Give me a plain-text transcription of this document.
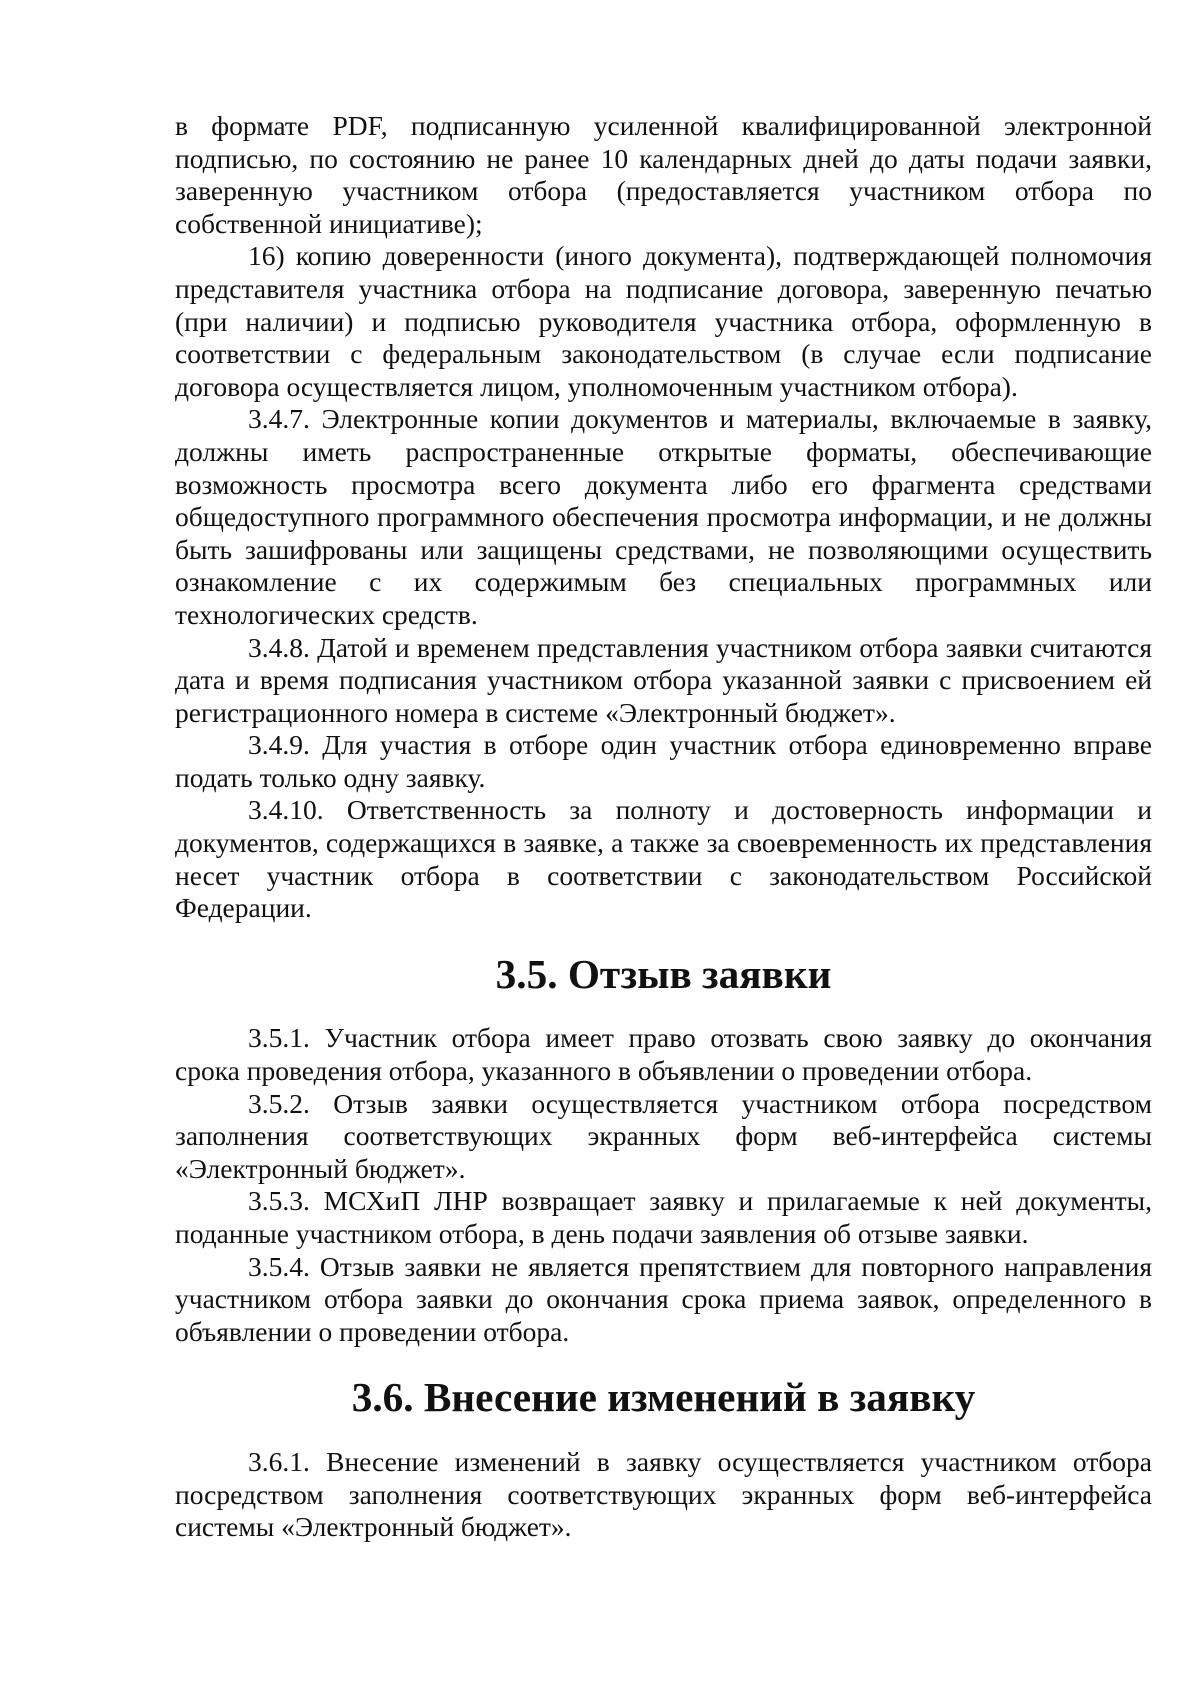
в формате PDF, подписанную усиленной квалифицированной электронной подписью, по состоянию не ранее 10 календарных дней до даты подачи заявки, заверенную участником отбора (предоставляется участником отбора по собственной инициативе);

16) копию доверенности (иного документа), подтверждающей полномочия представителя участника отбора на подписание договора, заверенную печатью (при наличии) и подписью руководителя участника отбора, оформленную в соответствии с федеральным законодательством (в случае если подписание договора осуществляется лицом, уполномоченным участником отбора).

3.4.7. Электронные копии документов и материалы, включаемые в заявку, должны иметь распространенные открытые форматы, обеспечивающие возможность просмотра всего документа либо его фрагмента средствами общедоступного программного обеспечения просмотра информации, и не должны быть зашифрованы или защищены средствами, не позволяющими осуществить ознакомление с их содержимым без специальных программных или технологических средств.

3.4.8. Датой и временем представления участником отбора заявки считаются дата и время подписания участником отбора указанной заявки с присвоением ей регистрационного номера в системе «Электронный бюджет».

3.4.9. Для участия в отборе один участник отбора единовременно вправе подать только одну заявку.

3.4.10. Ответственность за полноту и достоверность информации и документов, содержащихся в заявке, а также за своевременность их представления несет участник отбора в соответствии с законодательством Российской Федерации.

3.5. Отзыв заявки

3.5.1. Участник отбора имеет право отозвать свою заявку до окончания срока проведения отбора, указанного в объявлении о проведении отбора.

3.5.2. Отзыв заявки осуществляется участником отбора посредством заполнения соответствующих экранных форм веб-интерфейса системы «Электронный бюджет».

3.5.3. МСХиП ЛНР возвращает заявку и прилагаемые к ней документы, поданные участником отбора, в день подачи заявления об отзыве заявки.

3.5.4. Отзыв заявки не является препятствием для повторного направления участником отбора заявки до окончания срока приема заявок, определенного в объявлении о проведении отбора.

3.6. Внесение изменений в заявку

3.6.1. Внесение изменений в заявку осуществляется участником отбора посредством заполнения соответствующих экранных форм веб-интерфейса системы «Электронный бюджет».
